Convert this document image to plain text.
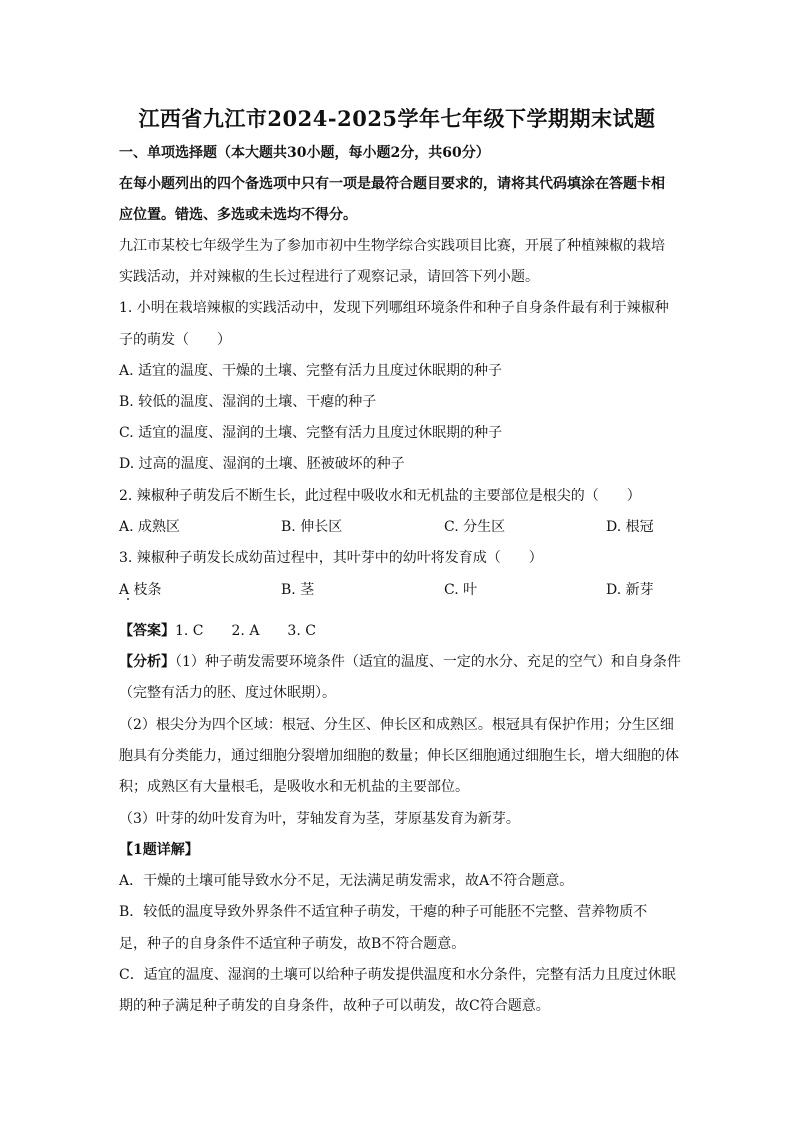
江西省九江市2024-2025学年七年级下学期期末试题
一、单项选择题（本大题共30小题，每小题2分，共60分）
在每小题列出的四个备选项中只有一项是最符合题目要求的，请将其代码填涂在答题卡相
应位置。错选、多选或未选均不得分。
九江市某校七年级学生为了参加市初中生物学综合实践项目比赛，开展了种植辣椒的栽培
实践活动，并对辣椒的生长过程进行了观察记录，请回答下列小题。
1. 小明在栽培辣椒的实践活动中，发现下列哪组环境条件和种子自身条件最有利于辣椒种
子的萌发（　　）
A. 适宜的温度、干燥的土壤、完整有活力且度过休眠期的种子
B. 较低的温度、湿润的土壤、干瘪的种子
C. 适宜的温度、湿润的土壤、完整有活力且度过休眠期的种子
D. 过高的温度、湿润的土壤、胚被破坏的种子
2. 辣椒种子萌发后不断生长，此过程中吸收水和无机盐的主要部位是根尖的（　　）
A. 成熟区	B. 伸长区	C. 分生区	D. 根冠
3. 辣椒种子萌发长成幼苗过程中，其叶芽中的幼叶将发育成（　　）
A 枝条	B. 茎	C. 叶	D. 新芽
【答案】1. C　　2. A　　3. C
【分析】（1）种子萌发需要环境条件（适宜的温度、一定的水分、充足的空气）和自身条件
（完整有活力的胚、度过休眠期）。
（2）根尖分为四个区域：根冠、分生区、伸长区和成熟区。根冠具有保护作用；分生区细
胞具有分类能力，通过细胞分裂增加细胞的数量；伸长区细胞通过细胞生长，增大细胞的体
积；成熟区有大量根毛，是吸收水和无机盐的主要部位。
（3）叶芽的幼叶发育为叶，芽轴发育为茎，芽原基发育为新芽。
【1题详解】
A．干燥的土壤可能导致水分不足，无法满足萌发需求，故A不符合题意。
B．较低的温度导致外界条件不适宜种子萌发，干瘪的种子可能胚不完整、营养物质不
足，种子的自身条件不适宜种子萌发，故B不符合题意。
C．适宜的温度、湿润的土壤可以给种子萌发提供温度和水分条件，完整有活力且度过休眠
期的种子满足种子萌发的自身条件，故种子可以萌发，故C符合题意。
